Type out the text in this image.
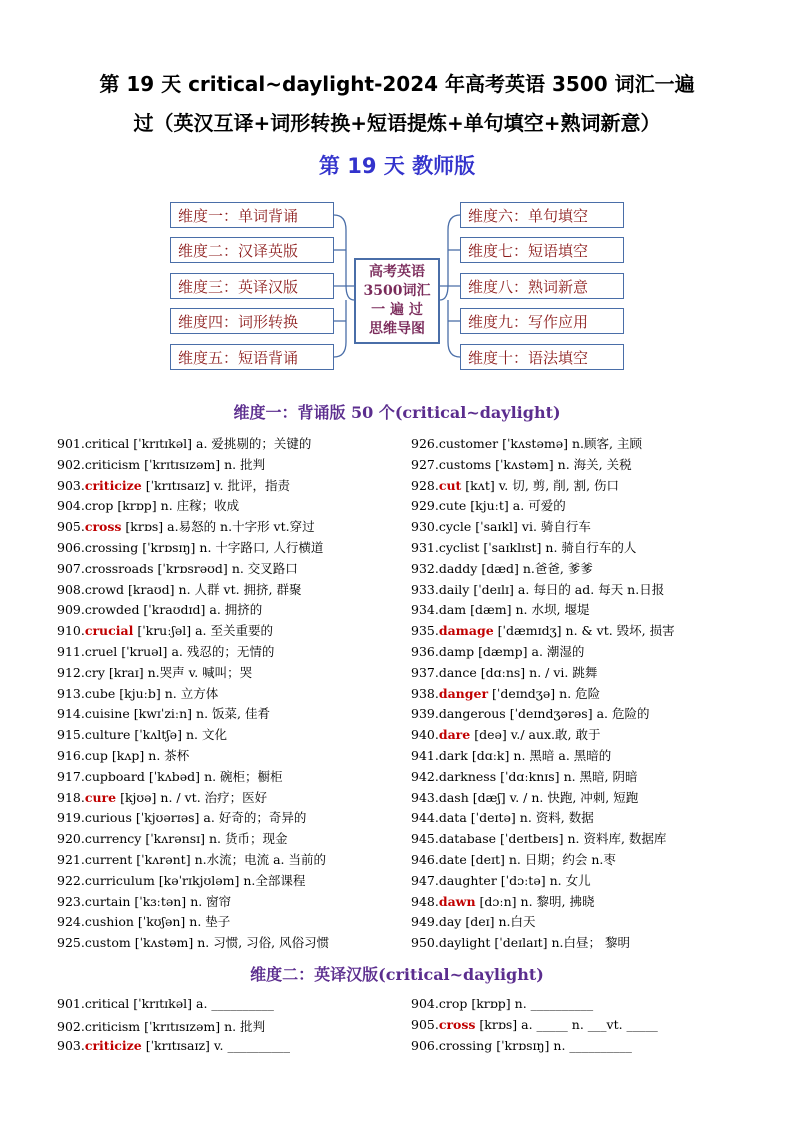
第 19 天 critical~daylight-2024 年高考英语 3500 词汇一遍
过（英汉互译+词形转换+短语提炼+单句填空+熟词新意）
第 19 天 教师版
维度一：单词背诵
维度二：汉译英版
维度三：英译汉版
维度四：词形转换
维度五：短语背诵
维度六：单句填空
维度七：短语填空
维度八：熟词新意
维度九：写作应用
维度十：语法填空
高考英语
3500词汇
一 遍 过
思维导图
维度一：背诵版 50 个(critical~daylight)
901.critical [ˈkrɪtɪkəl] a. 爱挑剔的；关键的
902.criticism [ˈkrɪtɪsɪzəm] n. 批判
903.criticize [ˈkrɪtɪsaɪz] v. 批评，指责
904.crop [krɒp] n. 庄稼；收成
905.cross [krɒs] a.易怒的 n.十字形 vt.穿过
906.crossing [ˈkrɒsɪŋ] n. 十字路口, 人行横道
907.crossroads [ˈkrɒsrəʊd] n. 交叉路口
908.crowd [kraʊd] n. 人群 vt. 拥挤, 群聚
909.crowded [ˈkraʊdɪd] a. 拥挤的
910.crucial [ˈkruːʃəl] a. 至关重要的
911.cruel [ˈkruəl] a. 残忍的；无情的
912.cry [kraɪ] n.哭声 v. 喊叫；哭
913.cube [kjuːb] n. 立方体
914.cuisine [kwɪˈziːn] n. 饭菜, 佳肴
915.culture [ˈkʌltʃə] n. 文化
916.cup [kʌp] n. 茶杯
917.cupboard [ˈkʌbəd] n. 碗柜；橱柜
918.cure [kjʊə] n. / vt. 治疗；医好
919.curious [ˈkjʊərɪəs] a. 好奇的；奇异的
920.currency [ˈkʌrənsɪ] n. 货币；现金
921.current [ˈkʌrənt] n.水流；电流 a. 当前的
922.curriculum [kəˈrɪkjʊləm] n.全部课程
923.curtain [ˈkɜːtən] n. 窗帘
924.cushion [ˈkʊʃən] n. 垫子
925.custom [ˈkʌstəm] n. 习惯, 习俗, 风俗习惯
926.customer [ˈkʌstəmə] n.顾客, 主顾
927.customs [ˈkʌstəm] n. 海关, 关税
928.cut [kʌt] v. 切, 剪, 削, 割, 伤口
929.cute [kjuːt] a. 可爱的
930.cycle [ˈsaɪkl] vi. 骑自行车
931.cyclist [ˈsaɪklɪst] n. 骑自行车的人
932.daddy [dæd] n.爸爸, 爹爹
933.daily [ˈdeɪlɪ] a. 每日的 ad. 每天 n.日报
934.dam [dæm] n. 水坝, 堰堤
935.damage [ˈdæmɪdʒ] n. & vt. 毁坏, 损害
936.damp [dæmp] a. 潮湿的
937.dance [dɑːns] n. / vi. 跳舞
938.danger [ˈdeɪndʒə] n. 危险
939.dangerous [ˈdeɪndʒərəs] a. 危险的
940.dare [deə] v./ aux.敢, 敢于
941.dark [dɑːk] n. 黑暗 a. 黑暗的
942.darkness [ˈdɑːknɪs] n. 黑暗, 阴暗
943.dash [dæʃ] v. / n. 快跑, 冲刺, 短跑
944.data [ˈdeɪtə] n. 资料, 数据
945.database [ˈdeɪtbeɪs] n. 资料库, 数据库
946.date [deɪt] n. 日期；约会 n.枣
947.daughter [ˈdɔːtə] n. 女儿
948.dawn [dɔːn] n. 黎明, 拂晓
949.day [deɪ] n.白天
950.daylight [ˈdeɪlaɪt] n.白昼； 黎明
维度二：英译汉版(critical~daylight)
901.critical [ˈkrɪtɪkəl] a. __________
902.criticism [ˈkrɪtɪsɪzəm] n. 批判
903.criticize [ˈkrɪtɪsaɪz] v. __________
904.crop [krɒp] n. __________
905.cross [krɒs] a. _____ n. ___vt. _____
906.crossing [ˈkrɒsɪŋ] n. __________
